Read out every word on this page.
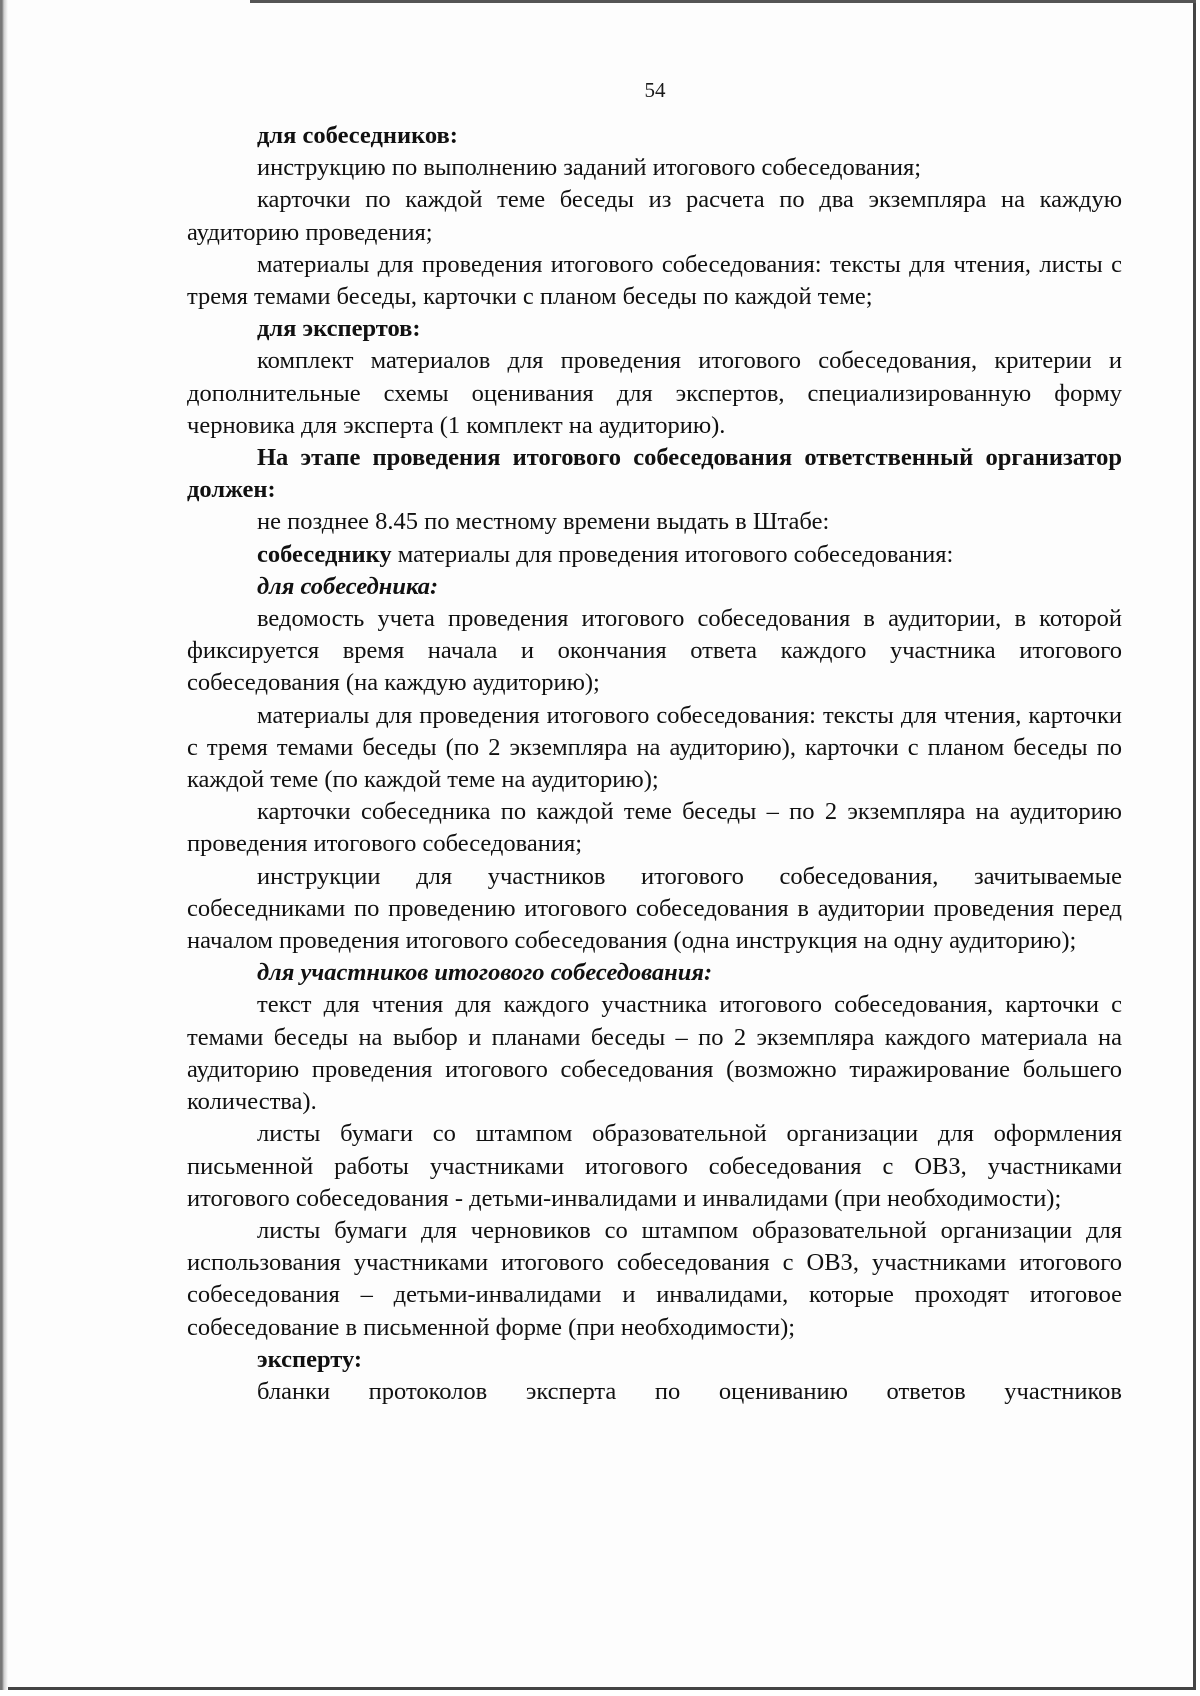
54

для собеседников:

инструкцию по выполнению заданий итогового собеседования;

карточки по каждой теме беседы из расчета по два экземпляра на каждую аудиторию проведения;

материалы для проведения итогового собеседования: тексты для чтения, листы с тремя темами беседы, карточки с планом беседы по каждой теме;

для экспертов:

комплект материалов для проведения итогового собеседования, критерии и дополнительные схемы оценивания для экспертов, специализированную форму черновика для эксперта (1 комплект на аудиторию).

На этапе проведения итогового собеседования ответственный организатор должен:

не позднее 8.45 по местному времени выдать в Штабе:

собеседнику материалы для проведения итогового собеседования:

для собеседника:

ведомость учета проведения итогового собеседования в аудитории, в которой фиксируется время начала и окончания ответа каждого участника итогового собеседования (на каждую аудиторию);

материалы для проведения итогового собеседования: тексты для чтения, карточки с тремя темами беседы (по 2 экземпляра на аудиторию), карточки с планом беседы по каждой теме (по каждой теме на аудиторию);

карточки собеседника по каждой теме беседы – по 2 экземпляра на аудиторию проведения итогового собеседования;

инструкции для участников итогового собеседования, зачитываемые собеседниками по проведению итогового собеседования в аудитории проведения перед началом проведения итогового собеседования (одна инструкция на одну аудиторию);

для участников итогового собеседования:

текст для чтения для каждого участника итогового собеседования, карточки с темами беседы на выбор и планами беседы – по 2 экземпляра каждого материала на аудиторию проведения итогового собеседования (возможно тиражирование большего количества).

листы бумаги со штампом образовательной организации для оформления письменной работы участниками итогового собеседования с ОВЗ, участниками итогового собеседования - детьми-инвалидами и инвалидами (при необходимости);

листы бумаги для черновиков со штампом образовательной организации для использования участниками итогового собеседования с ОВЗ, участниками итогового собеседования – детьми-инвалидами и инвалидами, которые проходят итоговое собеседование в письменной форме (при необходимости);

эксперту:

бланки протоколов эксперта по оцениванию ответов участников
